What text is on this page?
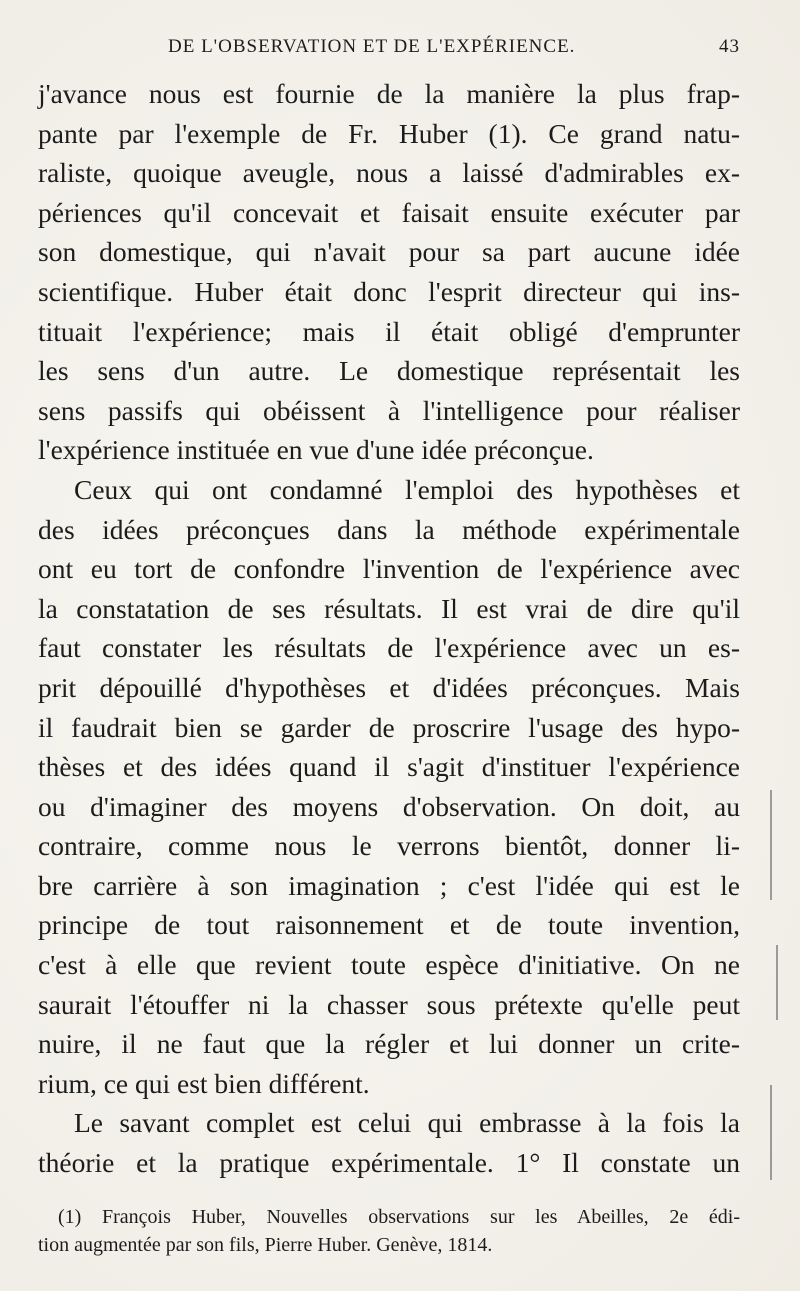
DE L'OBSERVATION ET DE L'EXPÉRIENCE.	43
j'avance nous est fournie de la manière la plus frap-
pante par l'exemple de Fr. Huber (1). Ce grand natu-
raliste, quoique aveugle, nous a laissé d'admirables ex-
périences qu'il concevait et faisait ensuite exécuter par
son domestique, qui n'avait pour sa part aucune idée
scientifique. Huber était donc l'esprit directeur qui ins-
tituait l'expérience; mais il était obligé d'emprunter
les sens d'un autre. Le domestique représentait les
sens passifs qui obéissent à l'intelligence pour réaliser
l'expérience instituée en vue d'une idée préconçue.
Ceux qui ont condamné l'emploi des hypothèses et
des idées préconçues dans la méthode expérimentale
ont eu tort de confondre l'invention de l'expérience avec
la constatation de ses résultats. Il est vrai de dire qu'il
faut constater les résultats de l'expérience avec un es-
prit dépouillé d'hypothèses et d'idées préconçues. Mais
il faudrait bien se garder de proscrire l'usage des hypo-
thèses et des idées quand il s'agit d'instituer l'expérience
ou d'imaginer des moyens d'observation. On doit, au
contraire, comme nous le verrons bientôt, donner li-
bre carrière à son imagination ; c'est l'idée qui est le
principe de tout raisonnement et de toute invention,
c'est à elle que revient toute espèce d'initiative. On ne
saurait l'étouffer ni la chasser sous prétexte qu'elle peut
nuire, il ne faut que la régler et lui donner un crite-
rium, ce qui est bien différent.
Le savant complet est celui qui embrasse à la fois la
théorie et la pratique expérimentale. 1° Il constate un
(1) François Huber, Nouvelles observations sur les Abeilles, 2e édi-
tion augmentée par son fils, Pierre Huber. Genève, 1814.
